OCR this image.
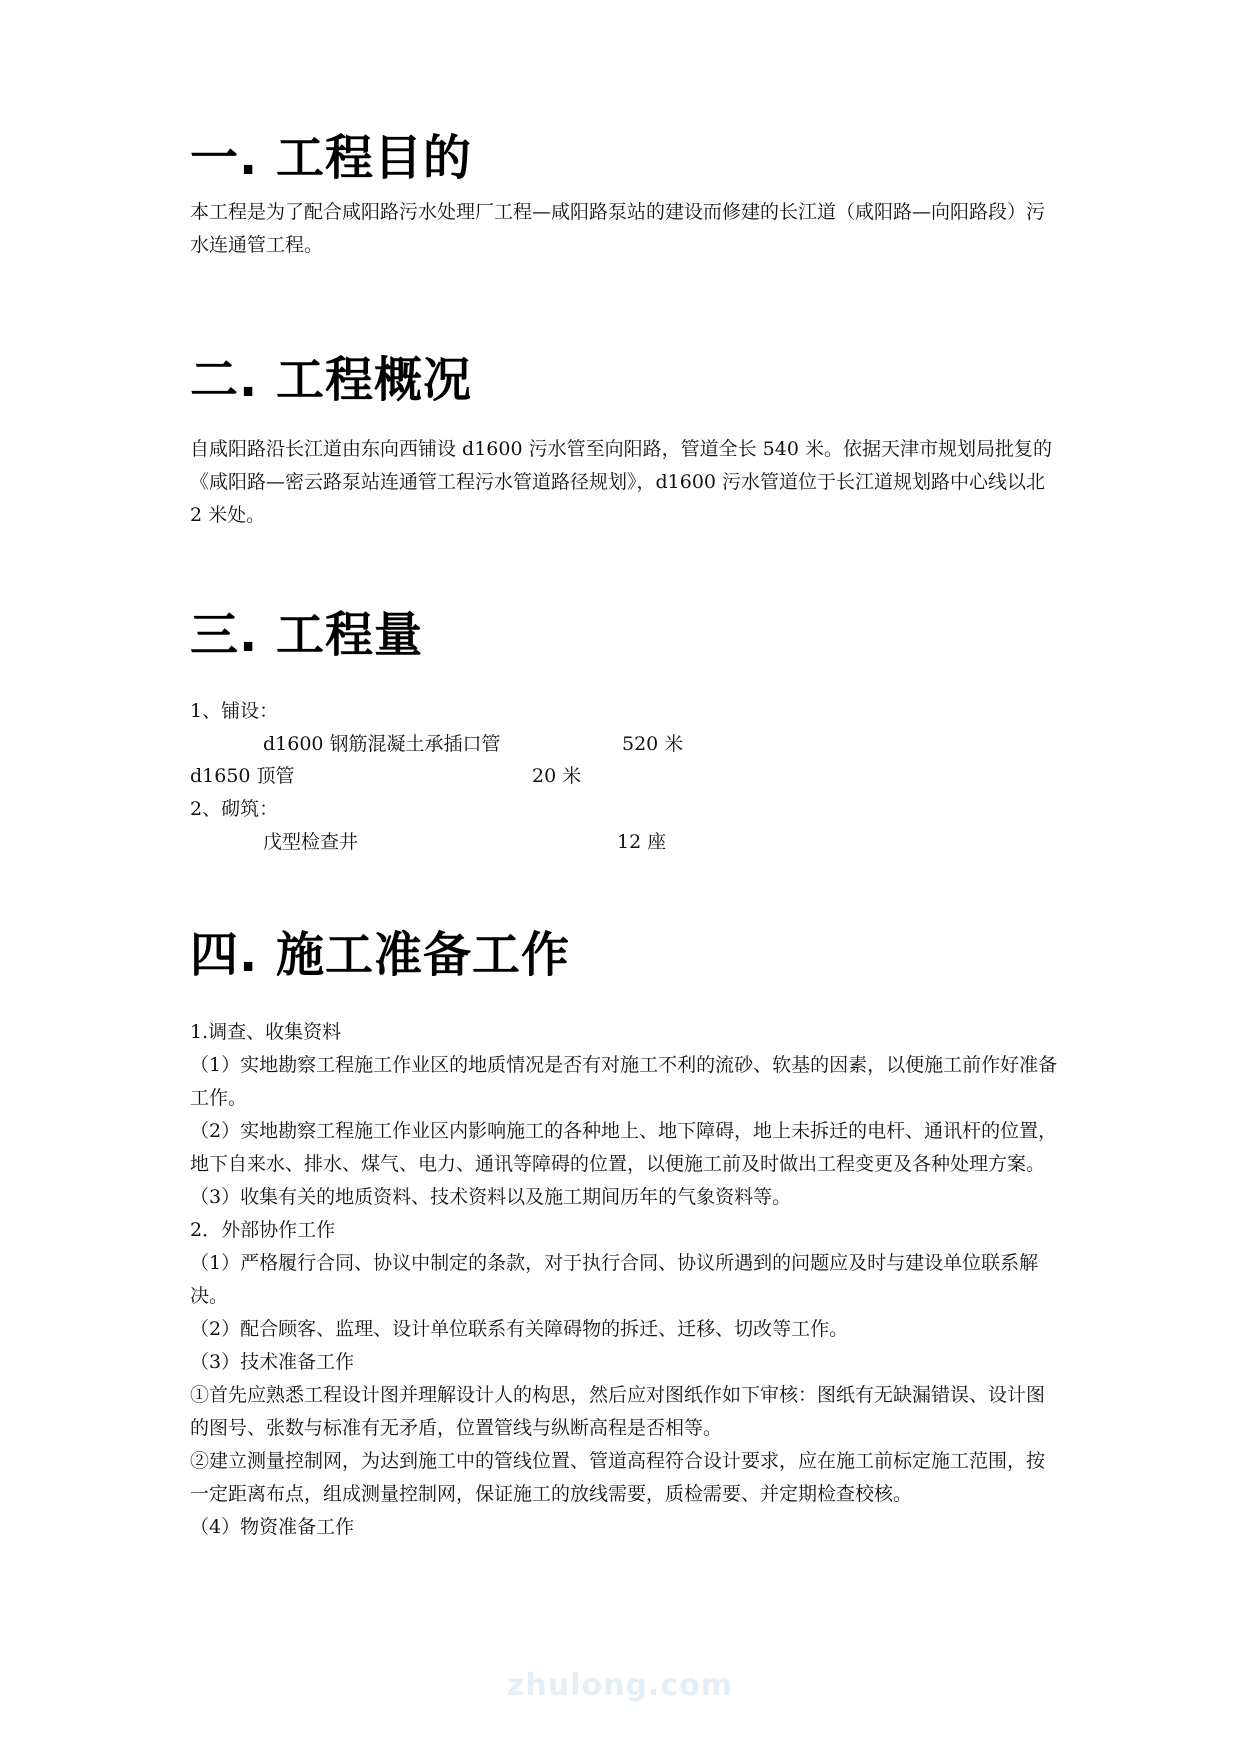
一. 工程目的

本工程是为了配合咸阳路污水处理厂工程—咸阳路泵站的建设而修建的长江道（咸阳路—向阳路段）污水连通管工程。

二. 工程概况

自咸阳路沿长江道由东向西铺设 d1600 污水管至向阳路，管道全长 540 米。依据天津市规划局批复的《咸阳路—密云路泵站连通管工程污水管道路径规划》，d1600 污水管道位于长江道规划路中心线以北 2 米处。

三. 工程量

1、铺设：

d1600 钢筋混凝土承插口管	520 米

d1650 顶管	20 米

2、砌筑：

戊型检查井	12 座

四. 施工准备工作
1.调查、收集资料
（1）实地勘察工程施工作业区的地质情况是否有对施工不利的流砂、软基的因素，以便施工前作好准备工作。
（2）实地勘察工程施工作业区内影响施工的各种地上、地下障碍，地上未拆迁的电杆、通讯杆的位置，地下自来水、排水、煤气、电力、通讯等障碍的位置，以便施工前及时做出工程变更及各种处理方案。
（3）收集有关的地质资料、技术资料以及施工期间历年的气象资料等。
2．外部协作工作
（1）严格履行合同、协议中制定的条款，对于执行合同、协议所遇到的问题应及时与建设单位联系解决。
（2）配合顾客、监理、设计单位联系有关障碍物的拆迁、迁移、切改等工作。
（3）技术准备工作
①首先应熟悉工程设计图并理解设计人的构思，然后应对图纸作如下审核：图纸有无缺漏错误、设计图的图号、张数与标准有无矛盾，位置管线与纵断高程是否相等。
②建立测量控制网，为达到施工中的管线位置、管道高程符合设计要求，应在施工前标定施工范围，按一定距离布点，组成测量控制网，保证施工的放线需要，质检需要、并定期检查校核。
（4）物资准备工作
zhulong.com
